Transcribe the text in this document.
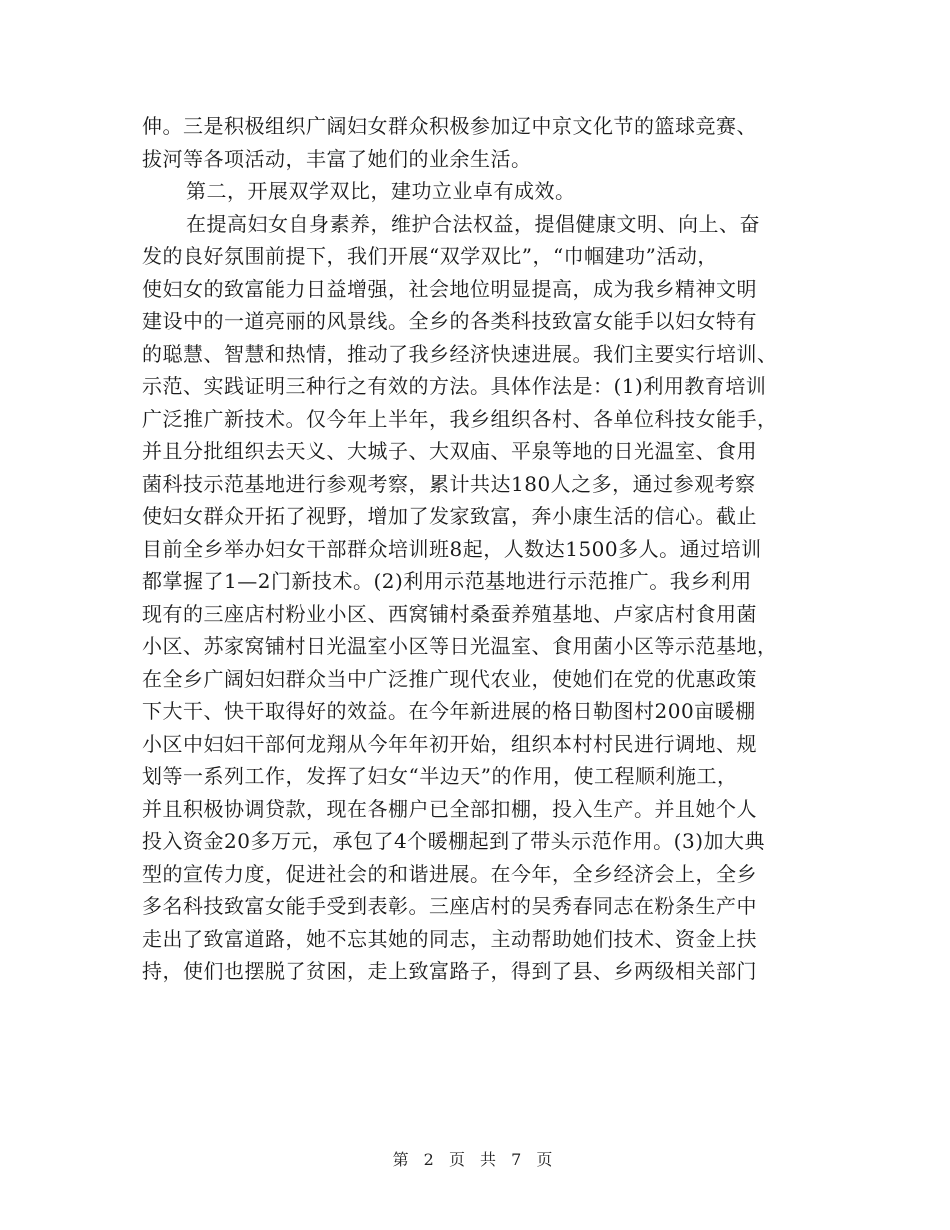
伸。三是积极组织广阔妇女群众积极参加辽中京文化节的篮球竞赛、
拔河等各项活动，丰富了她们的业余生活。
第二，开展双学双比，建功立业卓有成效。
在提高妇女自身素养，维护合法权益，提倡健康文明、向上、奋
发的良好氛围前提下，我们开展“双学双比”，“巾帼建功”活动，
使妇女的致富能力日益增强，社会地位明显提高，成为我乡精神文明
建设中的一道亮丽的风景线。全乡的各类科技致富女能手以妇女特有
的聪慧、智慧和热情，推动了我乡经济快速进展。我们主要实行培训、
示范、实践证明三种行之有效的方法。具体作法是：(1)利用教育培训
广泛推广新技术。仅今年上半年，我乡组织各村、各单位科技女能手，
并且分批组织去天义、大城子、大双庙、平泉等地的日光温室、食用
菌科技示范基地进行参观考察，累计共达180人之多，通过参观考察
使妇女群众开拓了视野，增加了发家致富，奔小康生活的信心。截止
目前全乡举办妇女干部群众培训班8起，人数达1500多人。通过培训
都掌握了1—2门新技术。(2)利用示范基地进行示范推广。我乡利用
现有的三座店村粉业小区、西窝铺村桑蚕养殖基地、卢家店村食用菌
小区、苏家窝铺村日光温室小区等日光温室、食用菌小区等示范基地，
在全乡广阔妇妇群众当中广泛推广现代农业，使她们在党的优惠政策
下大干、快干取得好的效益。在今年新进展的格日勒图村200亩暖棚
小区中妇妇干部何龙翔从今年年初开始，组织本村村民进行调地、规
划等一系列工作，发挥了妇女“半边天”的作用，使工程顺利施工，
并且积极协调贷款，现在各棚户已全部扣棚，投入生产。并且她个人
投入资金20多万元，承包了4个暖棚起到了带头示范作用。(3)加大典
型的宣传力度，促进社会的和谐进展。在今年，全乡经济会上，全乡
多名科技致富女能手受到表彰。三座店村的吴秀春同志在粉条生产中
走出了致富道路，她不忘其她的同志，主动帮助她们技术、资金上扶
持，使们也摆脱了贫困，走上致富路子，得到了县、乡两级相关部门
第 2 页 共 7 页
